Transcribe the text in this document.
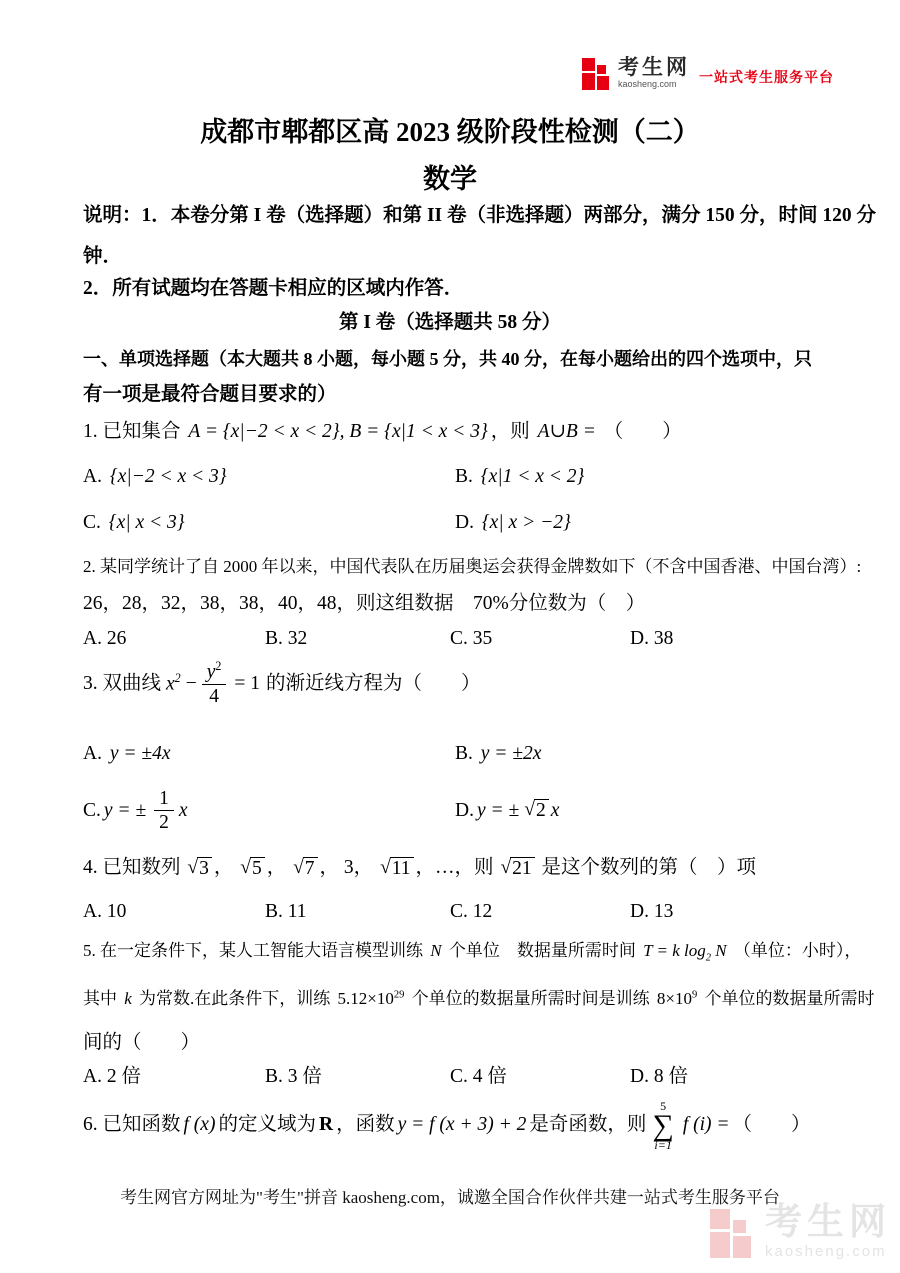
考生网
kaosheng.com	一站式考生服务平台
成都市郫都区高 2023 级阶段性检测（二）
数学
说明：1．本卷分第 I 卷（选择题）和第 II 卷（非选择题）两部分，满分 150 分，时间 120 分
钟．
2．所有试题均在答题卡相应的区域内作答．
第 I 卷（选择题共 58 分）
一、单项选择题（本大题共 8 小题，每小题 5 分，共 40 分，在每小题给出的四个选项中，只
有一项是最符合题目要求的）
1. 已知集合 A = {x|−2 < x < 2}, B = {x|1 < x < 3} ，则 A∪B = （　　）
A. {x|−2 < x < 3}	B. {x|1 < x < 2}
C. {x| x < 3}	D. {x| x > −2}
2. 某同学统计了自 2000 年以来，中国代表队在历届奥运会获得金牌数如下（不含中国香港、中国台湾）:
26，28，32，38，38，40，48，则这组数据　70%分位数为（　）
A. 26	B. 32	C. 35	D. 38
3.
双曲线 $x^2 - \frac{y^2}{4} = 1$ 的渐近线方程为（　　）
A. y = ±4x	B. y = ±2x
C. y = ± $\frac{1}{2}$ x	D. y = ± √ 2 x
4. 已知数列 √ 3 ， √ 5 ， √ 7 ， 3， √ 11 ，…，则 √ 21 是这个数列的第（　）项
A. 10	B. 11	C. 12	D. 13
5. 在一定条件下，某人工智能大语言模型训练 N 个单位　数据量所需时间 T = k $\log_2 N$ （单位：小时），
其中 k 为常数.在此条件下，训练 $5.12\times 10^{29}$ 个单位的数据量所需时间是训练 $8\times 10^9$ 个单位的数据量所需时
间的（　　）
A. 2 倍	B. 3 倍	C. 4 倍	D. 8 倍
6.
已知函数 f (x) 的定义域为 R ，函数 y = f (x + 3) + 2 是奇函数，则
5
∑
i=1
f (i) = （　　）
考生网官方网址为"考生"拼音 kaosheng.com，诚邀全国合作伙伴共建一站式考生服务平台
考生网
kaosheng.com
